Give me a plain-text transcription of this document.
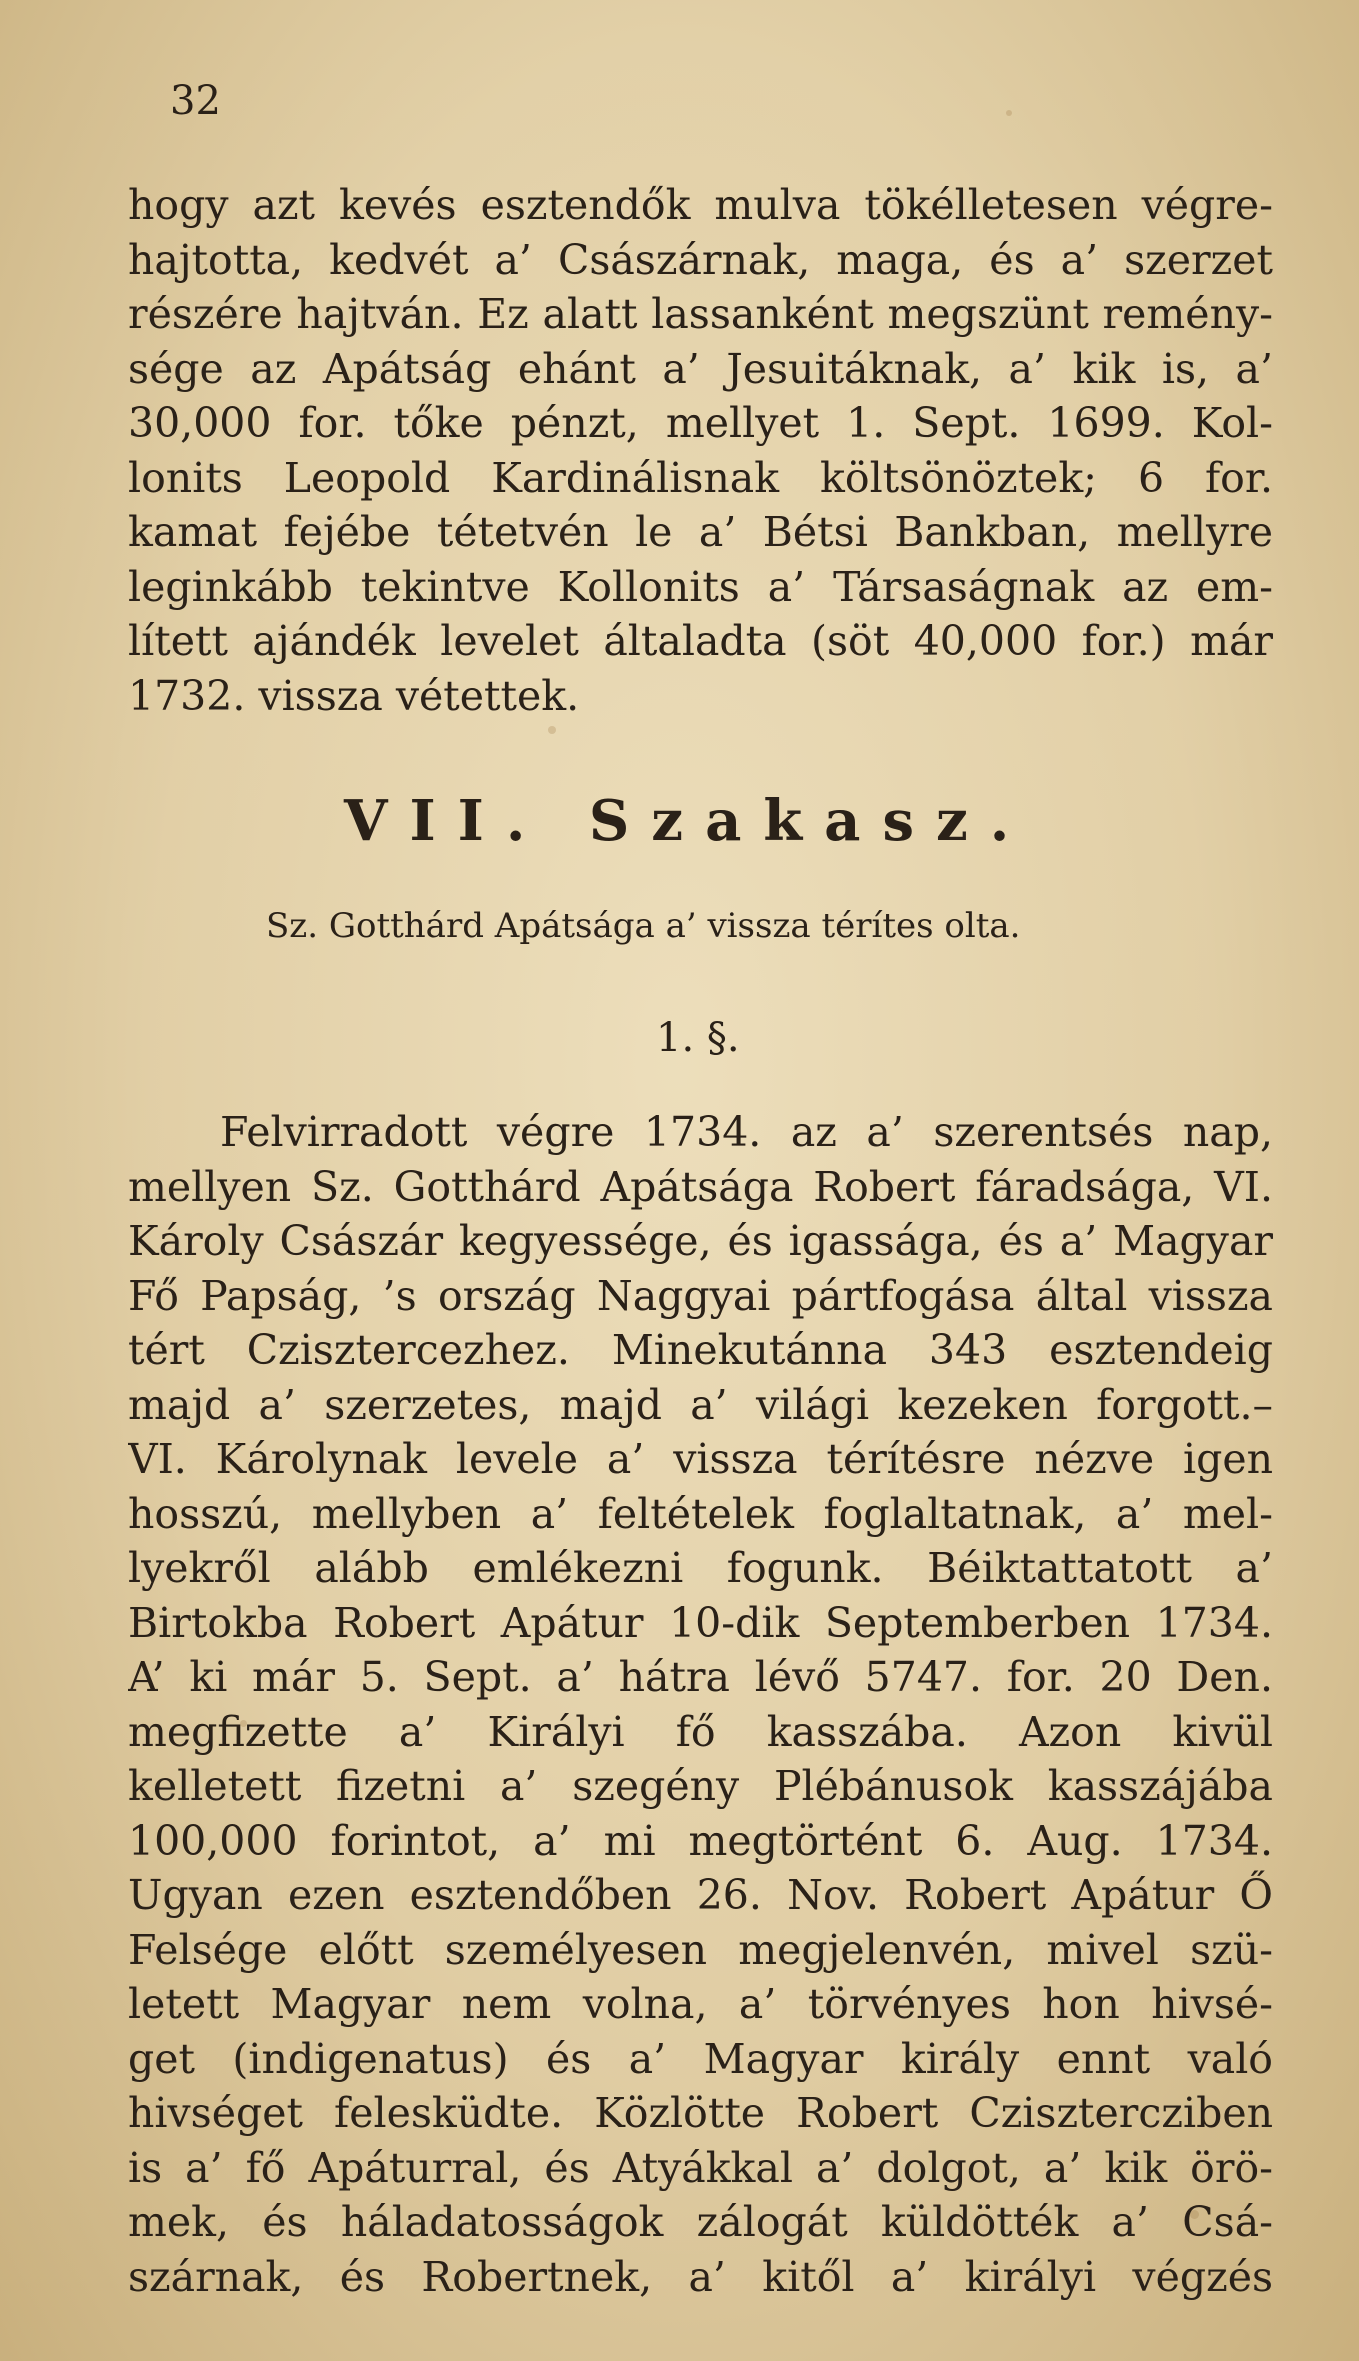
32
hogy azt kevés esztendők mulva tökélletesen végre-
hajtotta, kedvét a’ Császárnak, maga, és a’ szerzet
részére hajtván. Ez alatt lassanként megszünt remény-
sége az Apátság ehánt a’ Jesuitáknak, a’ kik is, a’
30,000 for. tőke pénzt, mellyet 1. Sept. 1699. Kol-
lonits Leopold Kardinálisnak költsönöztek; 6 for.
kamat fejébe tétetvén le a’ Bétsi Bankban, mellyre
leginkább tekintve Kollonits a’ Társaságnak az em-
lített ajándék levelet általadta (söt 40,000 for.) már
1732. vissza vétettek.
VII. Szakasz.
Sz. Gotthárd Apátsága a’ vissza térítes olta.
1. §.
Felvirradott végre 1734. az a’ szerentsés nap,
mellyen Sz. Gotthárd Apátsága Robert fáradsága, VI.
Károly Császár kegyessége, és igassága, és a’ Magyar
Fő Papság, ’s ország Naggyai pártfogása által vissza
tért Czisztercezhez. Minekutánna 343 esztendeig
majd a’ szerzetes, majd a’ világi kezeken forgott.–
VI. Károlynak levele a’ vissza térítésre nézve igen
hosszú, mellyben a’ feltételek foglaltatnak, a’ mel-
lyekről alább emlékezni fogunk. Béiktattatott a’
Birtokba Robert Apátur 10-dik Septemberben 1734.
A’ ki már 5. Sept. a’ hátra lévő 5747. for. 20 Den.
megfizette a’ Királyi fő kasszába. Azon kivül
kelletett fizetni a’ szegény Plébánusok kasszájába
100,000 forintot, a’ mi megtörtént 6. Aug. 1734.
Ugyan ezen esztendőben 26. Nov. Robert Apátur Ő
Felsége előtt személyesen megjelenvén, mivel szü-
letett Magyar nem volna, a’ törvényes hon hivsé-
get (indigenatus) és a’ Magyar király ennt való
hivséget felesküdte. Közlötte Robert Czisztercziben
is a’ fő Apáturral, és Atyákkal a’ dolgot, a’ kik örö-
mek, és háladatosságok zálogát küldötték a’ Csá-
szárnak, és Robertnek, a’ kitől a’ királyi végzés
